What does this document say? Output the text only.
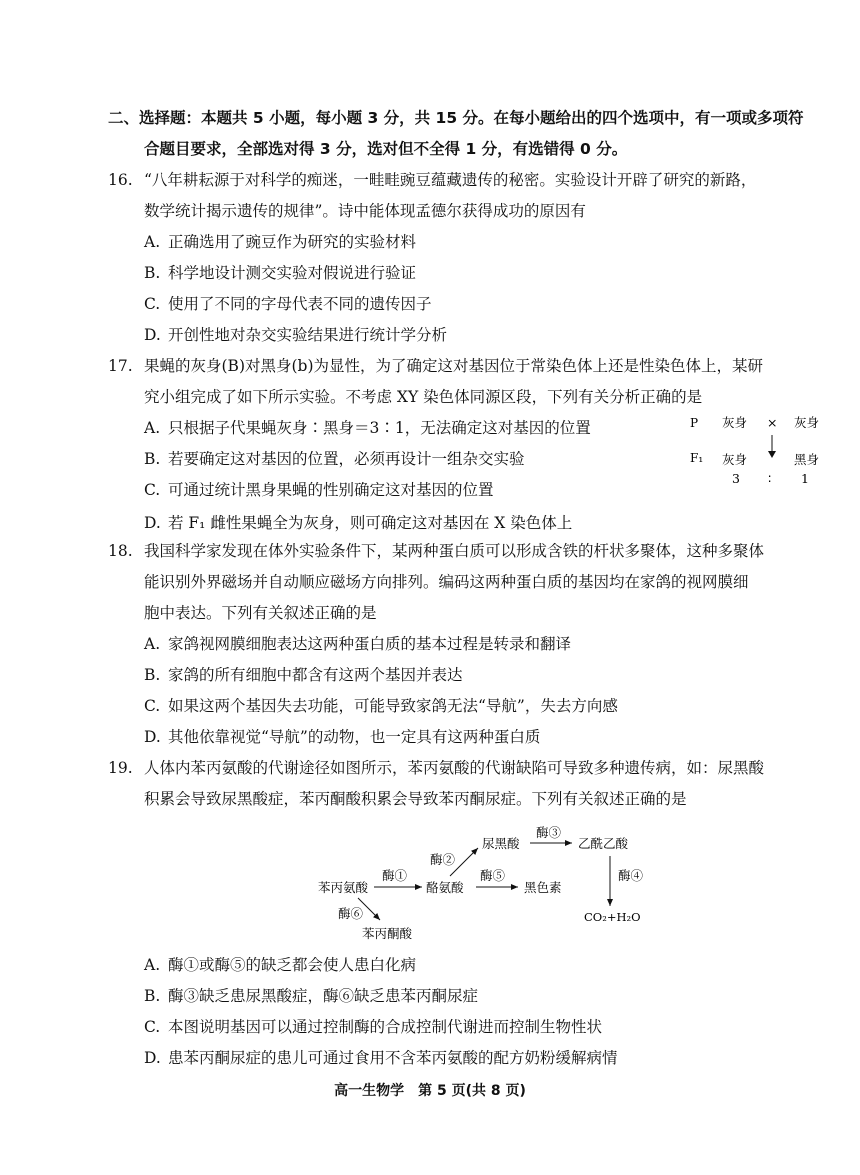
二、选择题：本题共 5 小题，每小题 3 分，共 15 分。在每小题给出的四个选项中，有一项或多项符
合题目要求，全部选对得 3 分，选对但不全得 1 分，有选错得 0 分。
16. “八年耕耘源于对科学的痴迷，一畦畦豌豆蕴藏遗传的秘密。实验设计开辟了研究的新路，
数学统计揭示遗传的规律”。诗中能体现孟德尔获得成功的原因有
A. 正确选用了豌豆作为研究的实验材料
B. 科学地设计测交实验对假说进行验证
C. 使用了不同的字母代表不同的遗传因子
D. 开创性地对杂交实验结果进行统计学分析
17. 果蝇的灰身(B)对黑身(b)为显性，为了确定这对基因位于常染色体上还是性染色体上，某研
究小组完成了如下所示实验。不考虑 XY 染色体同源区段，下列有关分析正确的是
A. 只根据子代果蝇灰身∶黑身＝3∶1，无法确定这对基因的位置
B. 若要确定这对基因的位置，必须再设计一组杂交实验
C. 可通过统计黑身果蝇的性别确定这对基因的位置
D. 若 F₁ 雌性果蝇全为灰身，则可确定这对基因在 X 染色体上
P 灰身 × 灰身
F₁ 灰身	黑身
3 ∶ 1
18. 我国科学家发现在体外实验条件下，某两种蛋白质可以形成含铁的杆状多聚体，这种多聚体
能识别外界磁场并自动顺应磁场方向排列。编码这两种蛋白质的基因均在家鸽的视网膜细
胞中表达。下列有关叙述正确的是
A. 家鸽视网膜细胞表达这两种蛋白质的基本过程是转录和翻译
B. 家鸽的所有细胞中都含有这两个基因并表达
C. 如果这两个基因失去功能，可能导致家鸽无法“导航”，失去方向感
D. 其他依靠视觉“导航”的动物，也一定具有这两种蛋白质
19. 人体内苯丙氨酸的代谢途径如图所示，苯丙氨酸的代谢缺陷可导致多种遗传病，如：尿黑酸
积累会导致尿黑酸症，苯丙酮酸积累会导致苯丙酮尿症。下列有关叙述正确的是
苯丙氨酸
酶①
酪氨酸
酶②
尿黑酸
酶③
乙酰乙酸
酶④
CO₂+H₂O
酶⑤
黑色素
酶⑥
苯丙酮酸
A. 酶①或酶⑤的缺乏都会使人患白化病
B. 酶③缺乏患尿黑酸症，酶⑥缺乏患苯丙酮尿症
C. 本图说明基因可以通过控制酶的合成控制代谢进而控制生物性状
D. 患苯丙酮尿症的患儿可通过食用不含苯丙氨酸的配方奶粉缓解病情
高一生物学　第 5 页(共 8 页)
